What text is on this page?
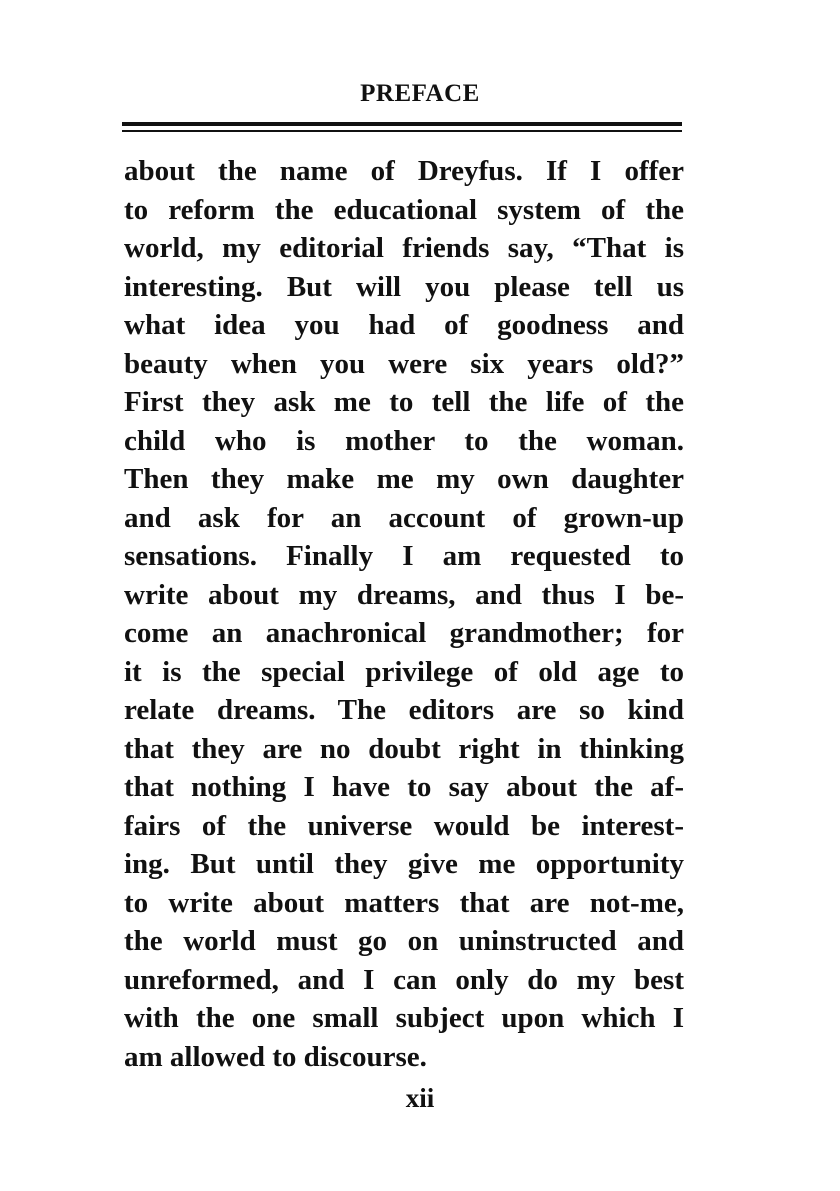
PREFACE
about the name of Dreyfus. If I offer
to reform the educational system of the
world, my editorial friends say, “That is
interesting. But will you please tell us
what idea you had of goodness and
beauty when you were six years old?”
First they ask me to tell the life of the
child who is mother to the woman.
Then they make me my own daughter
and ask for an account of grown-up
sensations. Finally I am requested to
write about my dreams, and thus I be-
come an anachronical grandmother; for
it is the special privilege of old age to
relate dreams. The editors are so kind
that they are no doubt right in thinking
that nothing I have to say about the af-
fairs of the universe would be interest-
ing. But until they give me opportunity
to write about matters that are not-me,
the world must go on uninstructed and
unreformed, and I can only do my best
with the one small subject upon which I
am allowed to discourse.
xii
